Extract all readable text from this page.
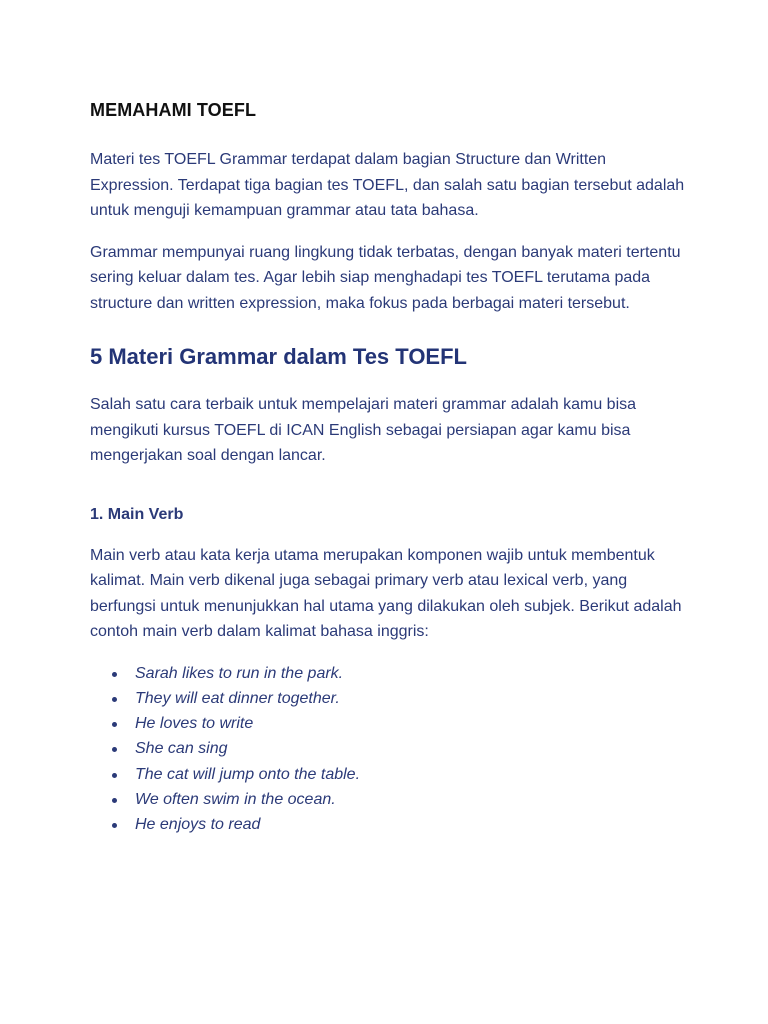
MEMAHAMI TOEFL

Materi tes TOEFL Grammar terdapat dalam bagian Structure dan Written Expression. Terdapat tiga bagian tes TOEFL, dan salah satu bagian tersebut adalah untuk menguji kemampuan grammar atau tata bahasa.

Grammar mempunyai ruang lingkung tidak terbatas, dengan banyak materi tertentu sering keluar dalam tes. Agar lebih siap menghadapi tes TOEFL terutama pada structure dan written expression, maka fokus pada berbagai materi tersebut.

5 Materi Grammar dalam Tes TOEFL

Salah satu cara terbaik untuk mempelajari materi grammar adalah kamu bisa mengikuti kursus TOEFL di ICAN English sebagai persiapan agar kamu bisa mengerjakan soal dengan lancar.

1. Main Verb

Main verb atau kata kerja utama merupakan komponen wajib untuk membentuk kalimat. Main verb dikenal juga sebagai primary verb atau lexical verb, yang berfungsi untuk menunjukkan hal utama yang dilakukan oleh subjek. Berikut adalah contoh main verb dalam kalimat bahasa inggris:

Sarah likes to run in the park.
They will eat dinner together.
He loves to write
She can sing
The cat will jump onto the table.
We often swim in the ocean.
He enjoys to read
